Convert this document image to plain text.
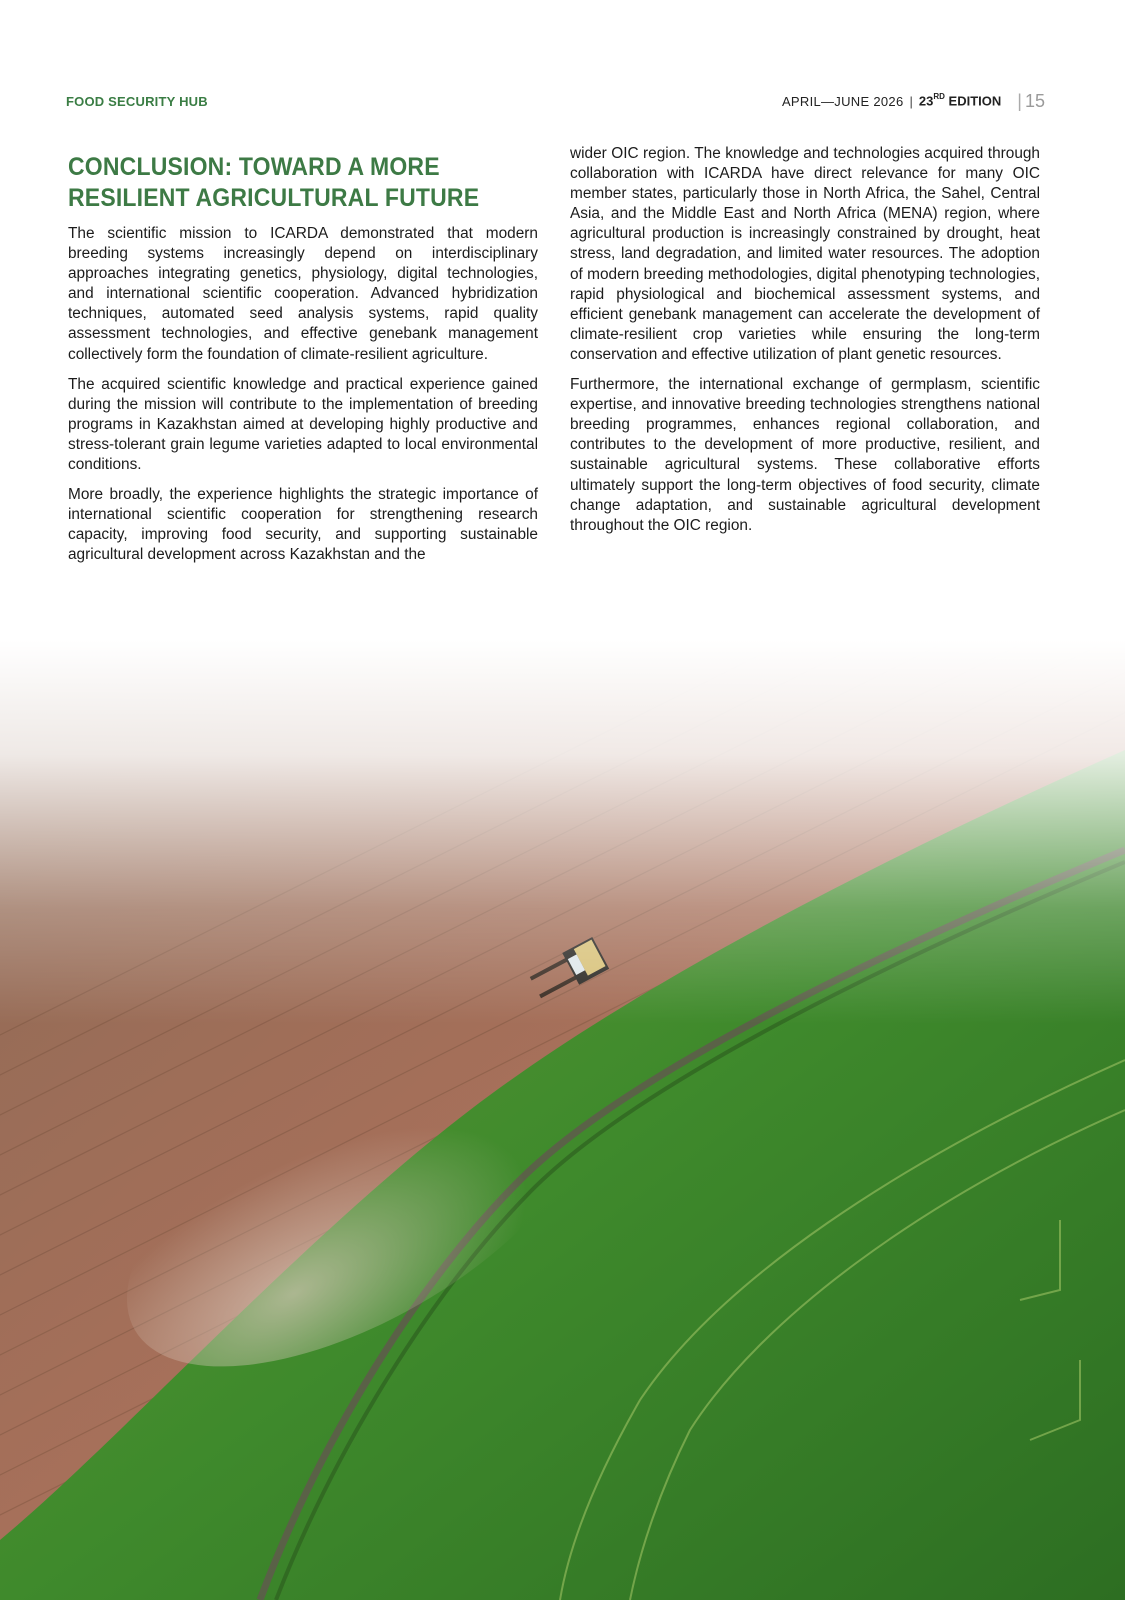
FOOD SECURITY HUB	APRIL—JUNE 2026 | 23RD EDITION | 15
CONCLUSION: TOWARD A MORE
RESILIENT AGRICULTURAL FUTURE

The scientific mission to ICARDA demonstrated that modern breeding systems increasingly depend on interdisciplinary approaches integrating genetics, physiology, digital technologies, and international scientific cooperation. Advanced hybridization techniques, automated seed analysis systems, rapid quality assessment technologies, and effective genebank management collectively form the foundation of climate-resilient agriculture.

The acquired scientific knowledge and practical experience gained during the mission will contribute to the implementation of breeding programs in Kazakhstan aimed at developing highly productive and stress-tolerant grain legume varieties adapted to local environmental conditions.

More broadly, the experience highlights the strategic importance of international scientific cooperation for strengthening research capacity, improving food security, and supporting sustainable agricultural development across Kazakhstan and the

wider OIC region. The knowledge and technologies acquired through collaboration with ICARDA have direct relevance for many OIC member states, particularly those in North Africa, the Sahel, Central Asia, and the Middle East and North Africa (MENA) region, where agricultural production is increasingly constrained by drought, heat stress, land degradation, and limited water resources. The adoption of modern breeding methodologies, digital phenotyping technologies, rapid physiological and biochemical assessment systems, and efficient genebank management can accelerate the development of climate-resilient crop varieties while ensuring the long-term conservation and effective utilization of plant genetic resources.

Furthermore, the international exchange of germplasm, scientific expertise, and innovative breeding technologies strengthens national breeding programmes, enhances regional collaboration, and contributes to the development of more productive, resilient, and sustainable agricultural systems. These collaborative efforts ultimately support the long-term objectives of food security, climate change adaptation, and sustainable agricultural development throughout the OIC region.
